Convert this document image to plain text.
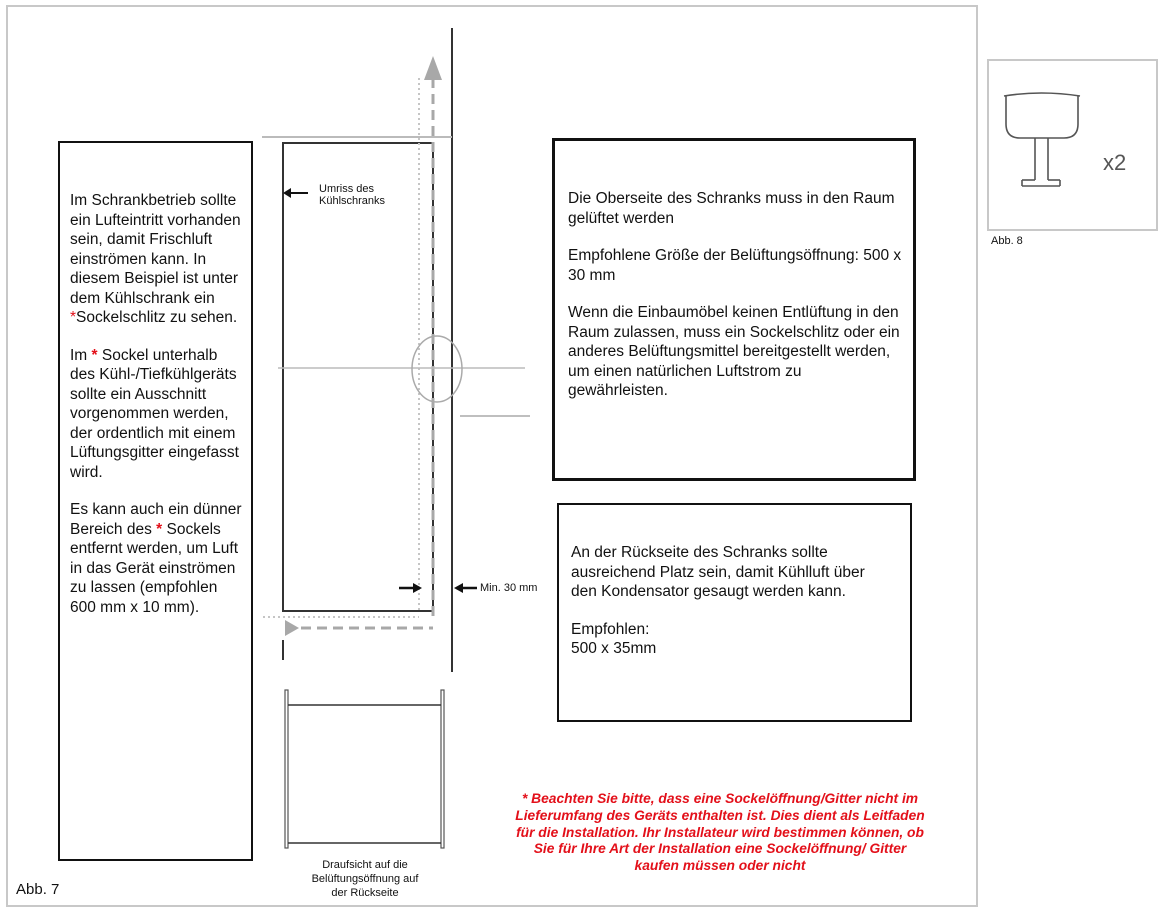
Im Schrankbetrieb sollte ein Lufteintritt vorhanden sein, damit Frischluft einströmen kann. In diesem Beispiel ist unter dem Kühlschrank ein *Sockelschlitz zu sehen.

Im * Sockel unterhalb des Kühl-/Tiefkühlgeräts sollte ein Ausschnitt vorgenommen werden, der ordentlich mit einem Lüftungsgitter eingefasst wird.

Es kann auch ein dünner Bereich des * Sockels entfernt werden, um Luft in das Gerät einströmen zu lassen (empfohlen 600 mm x 10 mm).

Umriss des
Kühlschranks
Min. 30 mm
Draufsicht auf die
Belüftungsöffnung auf
der Rückseite

Die Oberseite des Schranks muss in den Raum gelüftet werden

Empfohlene Größe der Belüftungsöffnung: 500 x 30 mm

Wenn die Einbaumöbel keinen Entlüftung in den Raum zulassen, muss ein Sockelschlitz oder ein anderes Belüftungsmittel bereitgestellt werden, um einen natürlichen Luftstrom zu gewährleisten.

An der Rückseite des Schranks sollte ausreichend Platz sein, damit Kühlluft über den Kondensator gesaugt werden kann.

Empfohlen:
500 x 35mm

* Beachten Sie bitte, dass eine Sockelöffnung/Gitter nicht im Lieferumfang des Geräts enthalten ist. Dies dient als Leitfaden für die Installation. Ihr Installateur wird bestimmen können, ob Sie für Ihre Art der Installation eine Sockelöffnung/ Gitter kaufen müssen oder nicht
Abb. 7
x2
Abb. 8
